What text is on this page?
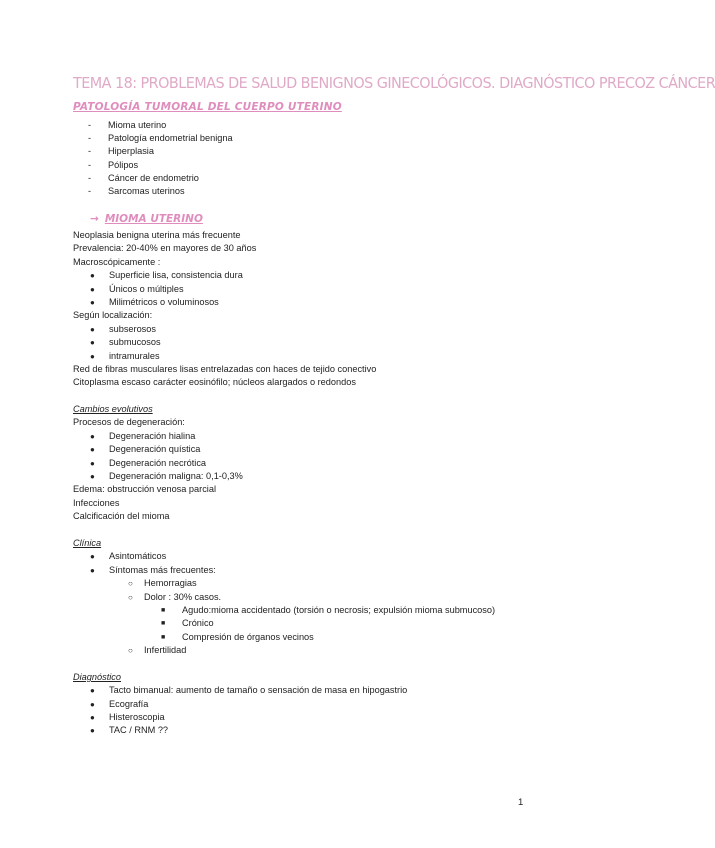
TEMA 18: PROBLEMAS DE SALUD BENIGNOS GINECOLÓGICOS. DIAGNÓSTICO PRECOZ CÁNCER
PATOLOGÍA TUMORAL DEL CUERPO UTERINO
-	Mioma uterino
-	Patología endometrial benigna
-	Hiperplasia
-	Pólipos
-	Cáncer de endometrio
-	Sarcomas uterinos
→ MIOMA UTERINO
Neoplasia benigna uterina más frecuente
Prevalencia: 20-40% en mayores de 30 años
Macroscópicamente :
●	Superficie lisa, consistencia dura
●	Únicos o múltiples
●	Milimétricos o voluminosos
Según localización:
●	subserosos
●	submucosos
●	intramurales
Red de fibras musculares lisas entrelazadas con haces de tejido conectivo
Citoplasma escaso carácter eosinófilo; núcleos alargados o redondos
Cambios evolutivos
Procesos de degeneración:
●	Degeneración hialina
●	Degeneración quística
●	Degeneración necrótica
●	Degeneración maligna: 0,1-0,3%
Edema: obstrucción venosa parcial
Infecciones
Calcificación del mioma
Clínica
●	Asintomáticos
●	Síntomas más frecuentes:
○	Hemorragias
○	Dolor : 30% casos.
■	Agudo:mioma accidentado (torsión o necrosis; expulsión mioma submucoso)
■	Crónico
■	Compresión de órganos vecinos
○	Infertilidad
Diagnóstico
●	Tacto bimanual: aumento de tamaño o sensación de masa en hipogastrio
●	Ecografía
●	Histeroscopia
●	TAC / RNM ??
1
